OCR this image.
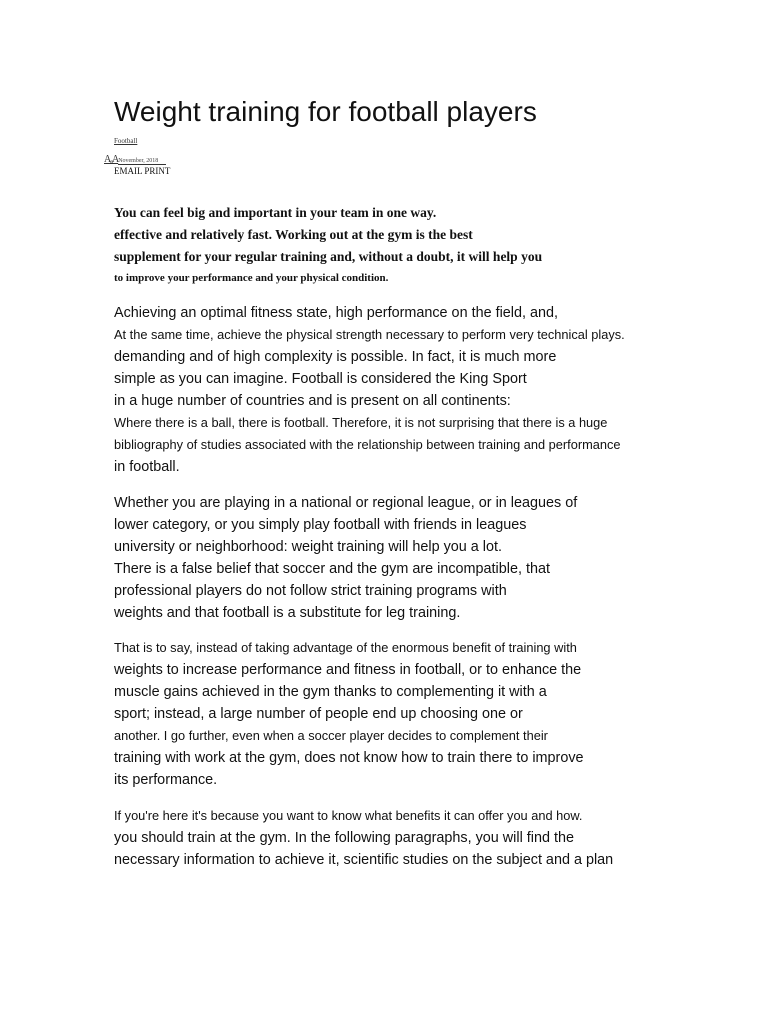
Weight training for football players
Football
AₐANovember, 2018
EMAIL PRINT
You can feel big and important in your team in one way.
effective and relatively fast. Working out at the gym is the best
supplement for your regular training and, without a doubt, it will help you
to improve your performance and your physical condition.
Achieving an optimal fitness state, high performance on the field, and,
At the same time, achieve the physical strength necessary to perform very technical plays.
demanding and of high complexity is possible. In fact, it is much more
simple as you can imagine. Football is considered the King Sport
in a huge number of countries and is present on all continents:
Where there is a ball, there is football. Therefore, it is not surprising that there is a huge
bibliography of studies associated with the relationship between training and performance
in football.
Whether you are playing in a national or regional league, or in leagues of
lower category, or you simply play football with friends in leagues
university or neighborhood: weight training will help you a lot.
There is a false belief that soccer and the gym are incompatible, that
professional players do not follow strict training programs with
weights and that football is a substitute for leg training.
That is to say, instead of taking advantage of the enormous benefit of training with
weights to increase performance and fitness in football, or to enhance the
muscle gains achieved in the gym thanks to complementing it with a
sport; instead, a large number of people end up choosing one or
another. I go further, even when a soccer player decides to complement their
training with work at the gym, does not know how to train there to improve
its performance.
If you're here it's because you want to know what benefits it can offer you and how.
you should train at the gym. In the following paragraphs, you will find the
necessary information to achieve it, scientific studies on the subject and a plan
